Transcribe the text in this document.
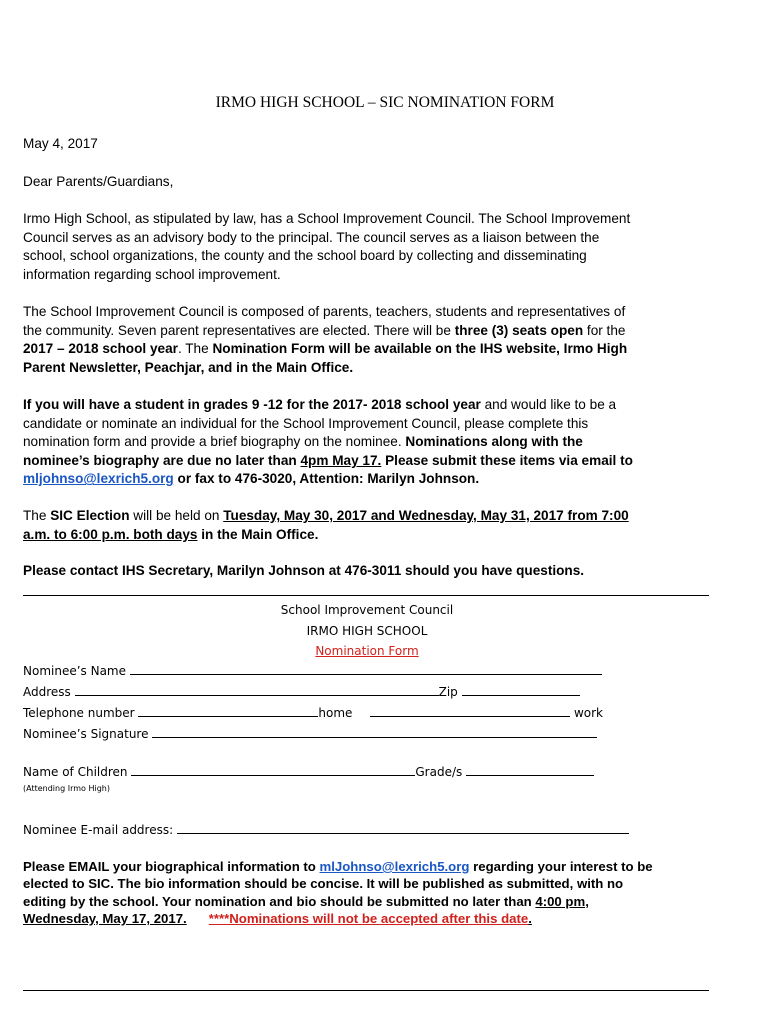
IRMO HIGH SCHOOL – SIC NOMINATION FORM
May 4, 2017
Dear Parents/Guardians,
Irmo High School, as stipulated by law, has a School Improvement Council. The School Improvement
Council serves as an advisory body to the principal. The council serves as a liaison between the
school, school organizations, the county and the school board by collecting and disseminating
information regarding school improvement.
The School Improvement Council is composed of parents, teachers, students and representatives of
the community. Seven parent representatives are elected. There will be three (3) seats open for the
2017 – 2018 school year. The Nomination Form will be available on the IHS website, Irmo High
Parent Newsletter, Peachjar, and in the Main Office.
If you will have a student in grades 9 -12 for the 2017- 2018 school year and would like to be a
candidate or nominate an individual for the School Improvement Council, please complete this
nomination form and provide a brief biography on the nominee. Nominations along with the
nominee’s biography are due no later than 4pm May 17. Please submit these items via email to
mljohnso@lexrich5.org or fax to 476-3020, Attention: Marilyn Johnson.
The SIC Election will be held on Tuesday, May 30, 2017 and Wednesday, May 31, 2017 from 7:00
a.m. to 6:00 p.m. both days in the Main Office.
Please contact IHS Secretary, Marilyn Johnson at 476-3011 should you have questions.
School Improvement Council
IRMO HIGH SCHOOL
Nomination Form
Nominee’s Name
Address	Zip
Telephone number	home	work
Nominee’s Signature
Name of Children	Grade/s
(Attending Irmo High)
Nominee E-mail address:
Please EMAIL your biographical information to mlJohnso@lexrich5.org regarding your interest to be
elected to SIC. The bio information should be concise. It will be published as submitted, with no
editing by the school. Your nomination and bio should be submitted no later than 4:00 pm,
Wednesday, May 17, 2017. ****Nominations will not be accepted after this date.
